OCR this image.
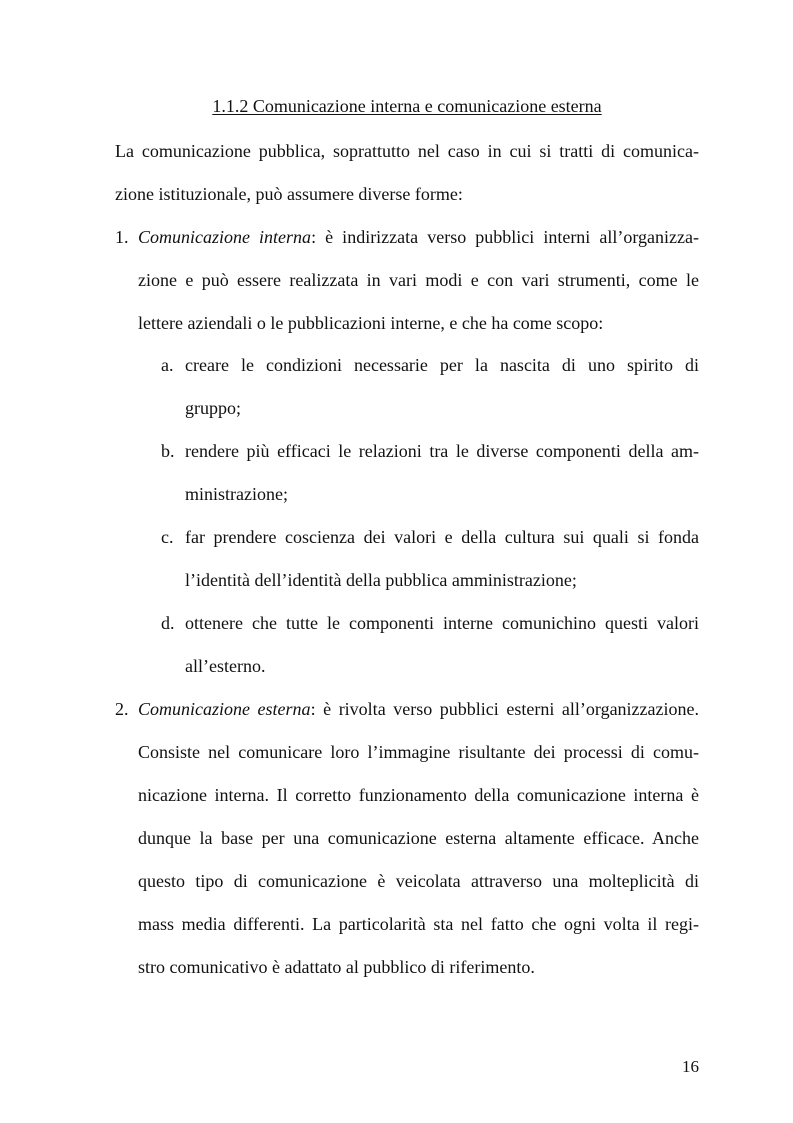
1.1.2 Comunicazione interna e comunicazione esterna
La comunicazione pubblica, soprattutto nel caso in cui si tratti di comunica-
zione istituzionale, può assumere diverse forme:
1. Comunicazione interna: è indirizzata verso pubblici interni all’organizza-
zione e può essere realizzata in vari modi e con vari strumenti, come le
lettere aziendali o le pubblicazioni interne, e che ha come scopo:
a. creare le condizioni necessarie per la nascita di uno spirito di
gruppo;
b. rendere più efficaci le relazioni tra le diverse componenti della am-
ministrazione;
c. far prendere coscienza dei valori e della cultura sui quali si fonda
l’identità dell’identità della pubblica amministrazione;
d. ottenere che tutte le componenti interne comunichino questi valori
all’esterno.
2. Comunicazione esterna: è rivolta verso pubblici esterni all’organizzazione.
Consiste nel comunicare loro l’immagine risultante dei processi di comu-
nicazione interna. Il corretto funzionamento della comunicazione interna è
dunque la base per una comunicazione esterna altamente efficace. Anche
questo tipo di comunicazione è veicolata attraverso una molteplicità di
mass media differenti. La particolarità sta nel fatto che ogni volta il regi-
stro comunicativo è adattato al pubblico di riferimento.
16
